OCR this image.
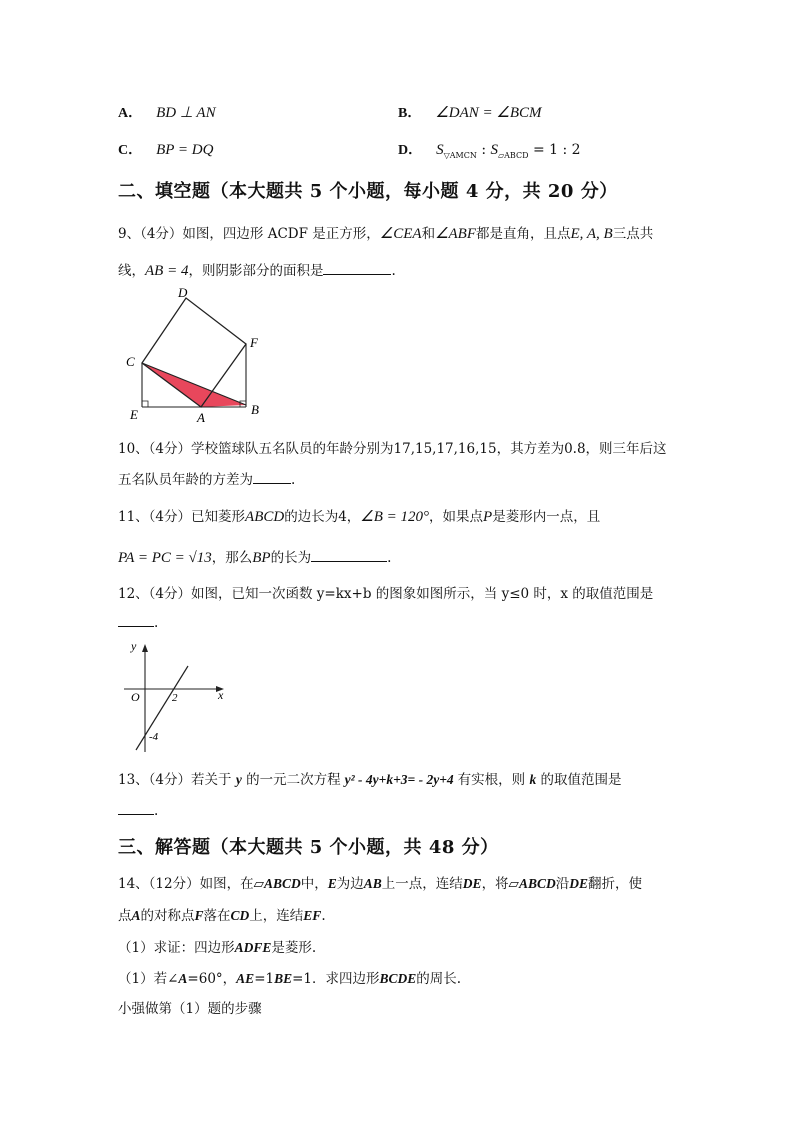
A． BD ⊥ AN	B． ∠DAN = ∠BCM
C． BP = DQ	D． $S_{▽AMCN}$ : $S_{▱ABCD} = 1$ : 2
二、填空题（本大题共 5 个小题，每小题 4 分，共 20 分）
9、（4分）如图，四边形 ACDF 是正方形，∠CEA和∠ABF都是直角，且点E, A, B三点共
线，AB = 4，则阴影部分的面积是	.
D
C
F
E	A
B
10、（4分）学校篮球队五名队员的年龄分别为17,15,17,16,15，其方差为0.8，则三年后这
五名队员年龄的方差为	.
11、（4分）已知菱形ABCD的边长为4，∠B = 120°，如果点P是菱形内一点，且
PA = PC = √13，那么BP的长为	.
12、（4分）如图，已知一次函数 y=kx+b 的图象如图所示，当 y≤0 时，x 的取值范围是
.
y
x
O	2
-4
13、（4分）若关于 y 的一元二次方程 y² - 4y+k+3= - 2y+4 有实根，则 k 的取值范围是
.
三、解答题（本大题共 5 个小题，共 48 分）
14、（12分）如图，在▱ABCD中，E为边AB上一点，连结DE，将▱ABCD沿DE翻折，使
点A的对称点F落在CD上，连结EF.
（1）求证：四边形ADFE是菱形.
（1）若∠A=60°，AE=1BE=1．求四边形BCDE的周长.
小强做第（1）题的步骤
